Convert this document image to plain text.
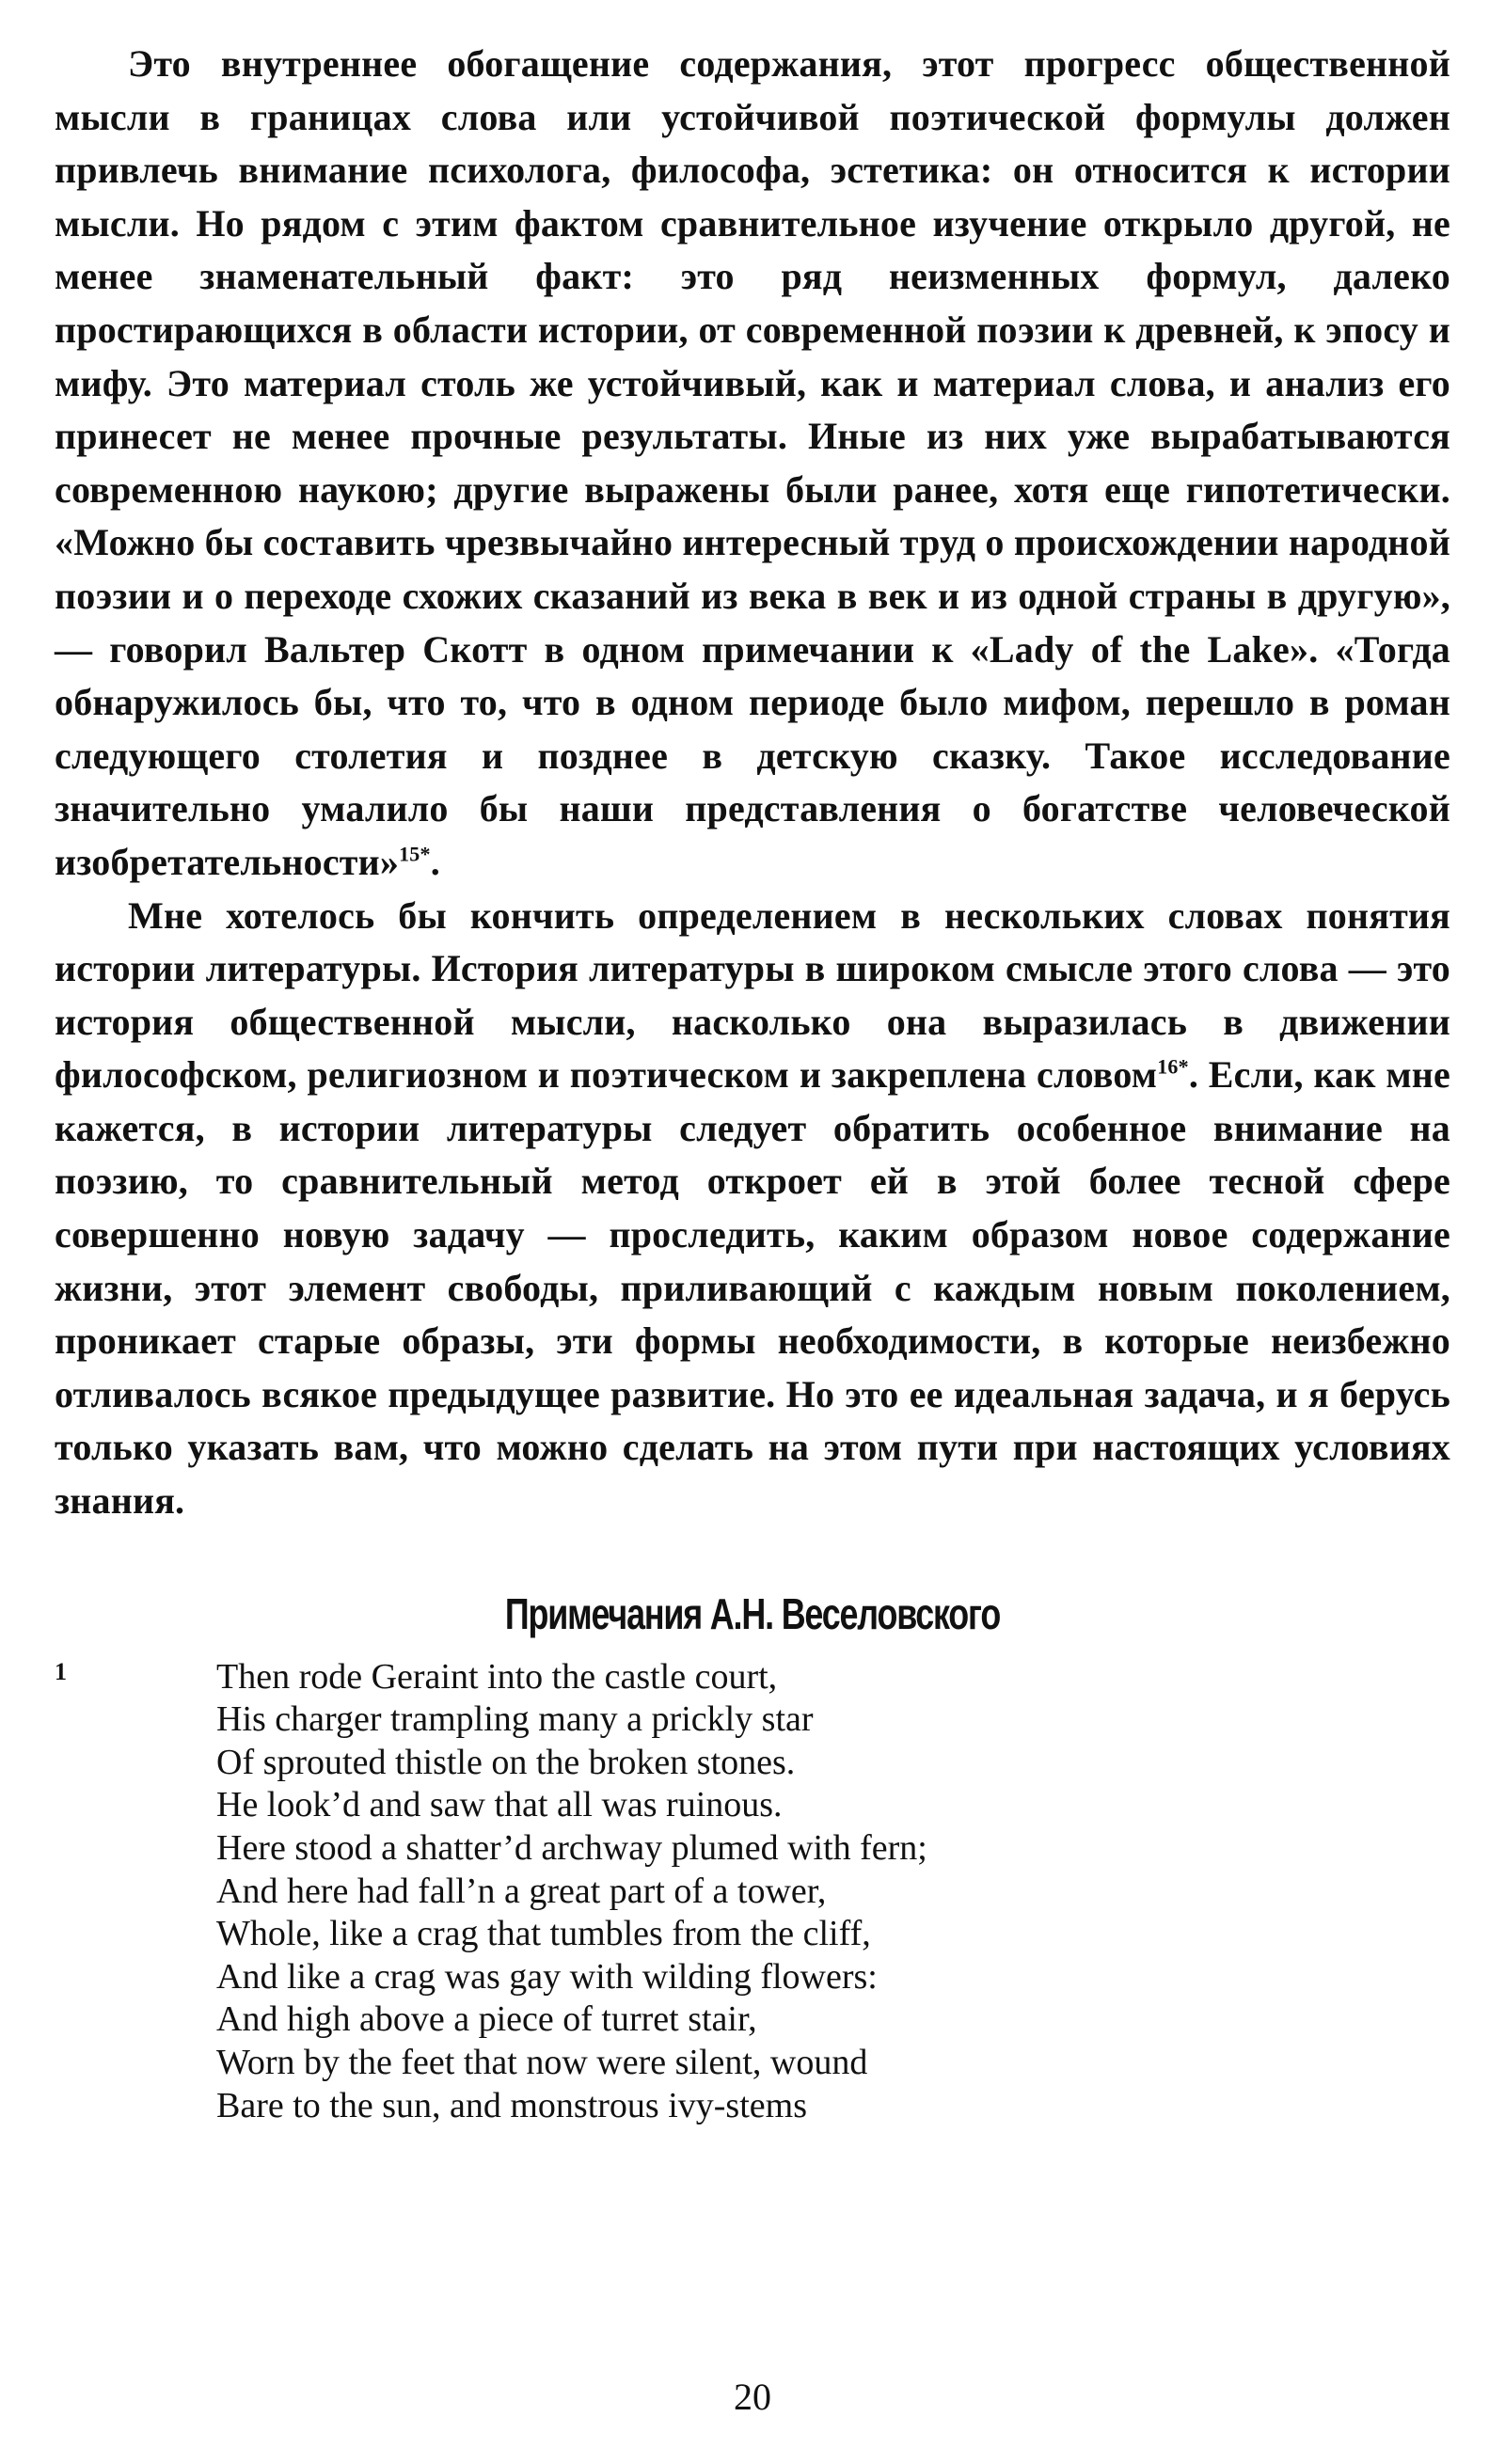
Это внутреннее обогащение содержания, этот прогресс общественной мысли в границах слова или устойчивой поэтической формулы должен привлечь внимание психолога, философа, эстетика: он относится к истории мысли. Но рядом с этим фактом сравнительное изучение открыло другой, не менее знаменательный факт: это ряд неизменных формул, далеко простирающихся в области истории, от современной поэзии к древней, к эпосу и мифу. Это материал столь же устойчивый, как и материал слова, и анализ его принесет не менее прочные результаты. Иные из них уже вырабатываются современною наукою; другие выражены были ранее, хотя еще гипотетически. «Можно бы составить чрезвычайно интересный труд о происхождении народной поэзии и о переходе схожих сказаний из века в век и из одной страны в другую», — говорил Вальтер Скотт в одном примечании к «Lady of the Lake». «Тогда обнаружилось бы, что то, что в одном периоде было мифом, перешло в роман следующего столетия и позднее в детскую сказку. Такое исследование значительно умалило бы наши представления о богатстве человеческой изобретательности»$^{15*}$.

Мне хотелось бы кончить определением в нескольких словах понятия истории литературы. История литературы в широком смысле этого слова — это история общественной мысли, насколько она выразилась в движении философском, религиозном и поэтическом и закреплена словом$^{16*}$. Если, как мне кажется, в истории литературы следует обратить особенное внимание на поэзию, то сравнительный метод откроет ей в этой более тесной сфере совершенно новую задачу — проследить, каким образом новое содержание жизни, этот элемент свободы, приливающий с каждым новым поколением, проникает старые образы, эти формы необходимости, в которые неизбежно отливалось всякое предыдущее развитие. Но это ее идеальная задача, и я берусь только указать вам, что можно сделать на этом пути при настоящих условиях знания.

Примечания А.Н. Веселовского
1	Then rode Geraint into the castle court,
His charger trampling many a prickly star
Of sprouted thistle on the broken stones.
He look’d and saw that all was ruinous.
Here stood a shatter’d archway plumed with fern;
And here had fall’n a great part of a tower,
Whole, like a crag that tumbles from the cliff,
And like a crag was gay with wilding flowers:
And high above a piece of turret stair,
Worn by the feet that now were silent, wound
Bare to the sun, and monstrous ivy-stems
20
